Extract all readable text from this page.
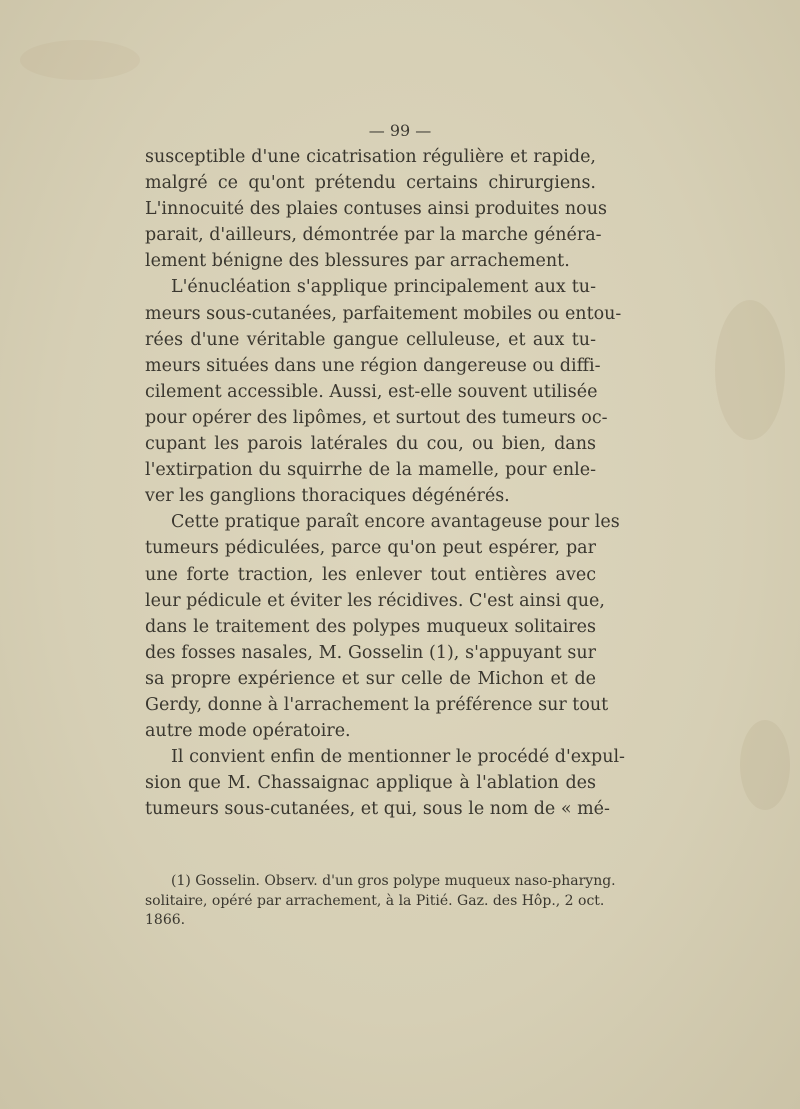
— 99 —
susceptible d'une cicatrisation régulière et rapide,
malgré ce qu'ont prétendu certains chirurgiens.
L'innocuité des plaies contuses ainsi produites nous
parait, d'ailleurs, démontrée par la marche généra-
lement bénigne des blessures par arrachement.
L'énucléation s'applique principalement aux tu-
meurs sous-cutanées, parfaitement mobiles ou entou-
rées d'une véritable gangue celluleuse, et aux tu-
meurs situées dans une région dangereuse ou diffi-
cilement accessible. Aussi, est-elle souvent utilisée
pour opérer des lipômes, et surtout des tumeurs oc-
cupant les parois latérales du cou, ou bien, dans
l'extirpation du squirrhe de la mamelle, pour enle-
ver les ganglions thoraciques dégénérés.
Cette pratique paraît encore avantageuse pour les
tumeurs pédiculées, parce qu'on peut espérer, par
une forte traction, les enlever tout entières avec
leur pédicule et éviter les récidives. C'est ainsi que,
dans le traitement des polypes muqueux solitaires
des fosses nasales, M. Gosselin (1), s'appuyant sur
sa propre expérience et sur celle de Michon et de
Gerdy, donne à l'arrachement la préférence sur tout
autre mode opératoire.
Il convient enfin de mentionner le procédé d'expul-
sion que M. Chassaignac applique à l'ablation des
tumeurs sous-cutanées, et qui, sous le nom de « mé-
(1) Gosselin. Observ. d'un gros polype muqueux naso-pharyng.
solitaire, opéré par arrachement, à la Pitié. Gaz. des Hôp., 2 oct.
1866.
